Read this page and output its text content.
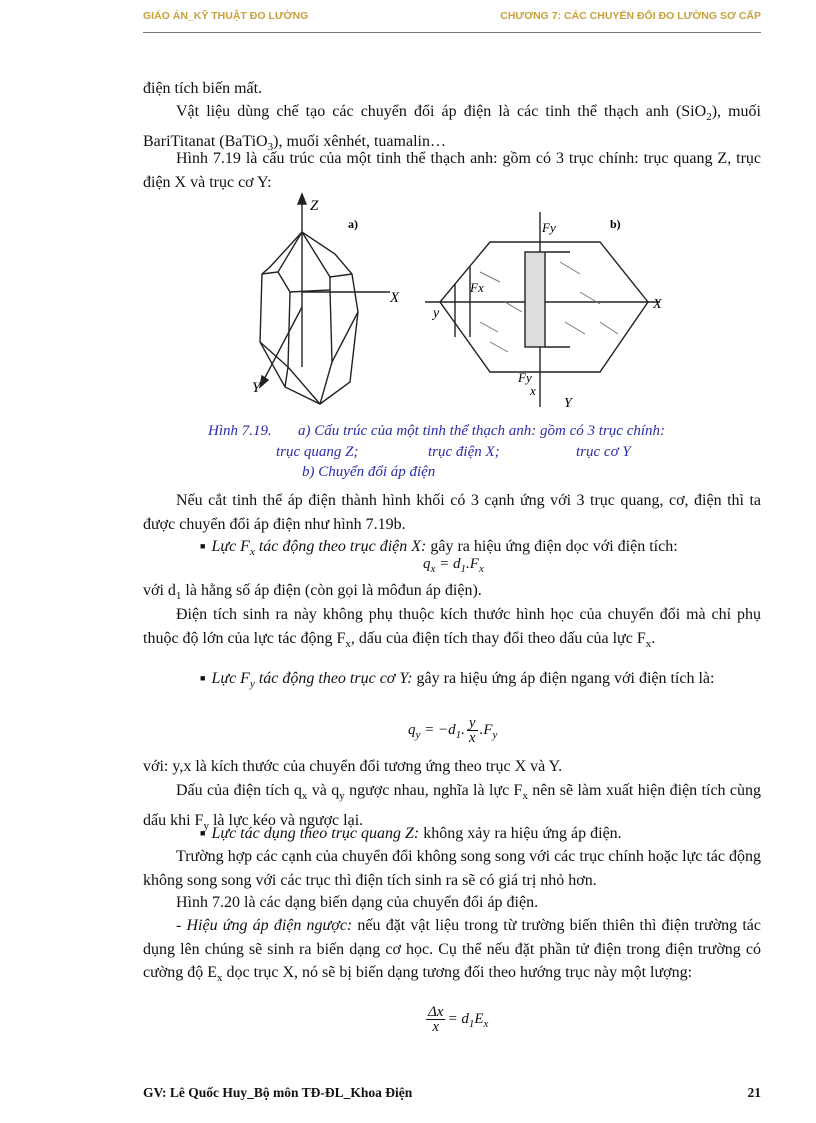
GIÁO ÁN_KỸ THUẬT ĐO LƯỜNG	CHƯƠNG 7: CÁC CHUYỂN ĐỔI ĐO LƯỜNG SƠ CẤP
điện tích biến mất.
Vật liệu dùng chế tạo các chuyển đổi áp điện là các tinh thể thạch anh (SiO$_2$), muối BariTitanat (BaTiO$_3$), muối xênhét, tuamalin…
Hình 7.19 là cấu trúc của một tinh thể thạch anh: gồm có 3 trục chính: trục quang Z, trục điện X và trục cơ Y:
Z
a)
X
Y
Fy	b)
Fx
X
y
Fy
x
Y
Hình 7.19. a) Cấu trúc của một tinh thể thạch anh: gồm có 3 trục chính:
trục quang Z;	trục điện X;	trục cơ Y
b) Chuyển đổi áp điện
Nếu cắt tinh thể áp điện thành hình khối có 3 cạnh ứng với 3 trục quang, cơ, điện thì ta được chuyển đổi áp điện như hình 7.19b.
■ Lực $F_x$ tác động theo trục điện X: gây ra hiệu ứng điện dọc với điện tích:
$q_x = d_1.F_x$
với $d_1$ là hằng số áp điện (còn gọi là môđun áp điện).
Điện tích sinh ra này không phụ thuộc kích thước hình học của chuyển đổi mà chỉ phụ thuộc độ lớn của lực tác động $F_x$, dấu của điện tích thay đổi theo dấu của lực $F_x$.
■ Lực $F_y$ tác động theo trục cơ Y: gây ra hiệu ứng áp điện ngang với điện tích là:
$q_y = -d_1$. $\frac{y}{x} .F_y$
với: y,x là kích thước của chuyển đổi tương ứng theo trục X và Y.
Dấu của điện tích $q_x$ và $q_y$ ngược nhau, nghĩa là lực $F_x$ nên sẽ làm xuất hiện điện tích cùng dấu khi $F_y$ là lực kéo và ngược lại.
■ Lực tác dụng theo trục quang Z: không xảy ra hiệu ứng áp điện.
Trường hợp các cạnh của chuyển đổi không song song với các trục chính hoặc lực tác động không song song với các trục thì điện tích sinh ra sẽ có giá trị nhỏ hơn.
Hình 7.20 là các dạng biến dạng của chuyển đổi áp điện.
- Hiệu ứng áp điện ngược: nếu đặt vật liệu trong từ trường biến thiên thì điện trường tác dụng lên chúng sẽ sinh ra biến dạng cơ học. Cụ thể nếu đặt phần tử điện trong điện trường có cường độ $E_x$ dọc trục X, nó sẽ bị biến dạng tương đối theo hướng trục này một lượng:
$\frac{\Delta x}{x} = d_1E_x$
GV: Lê Quốc Huy_Bộ môn TĐ-ĐL_Khoa Điện	21
